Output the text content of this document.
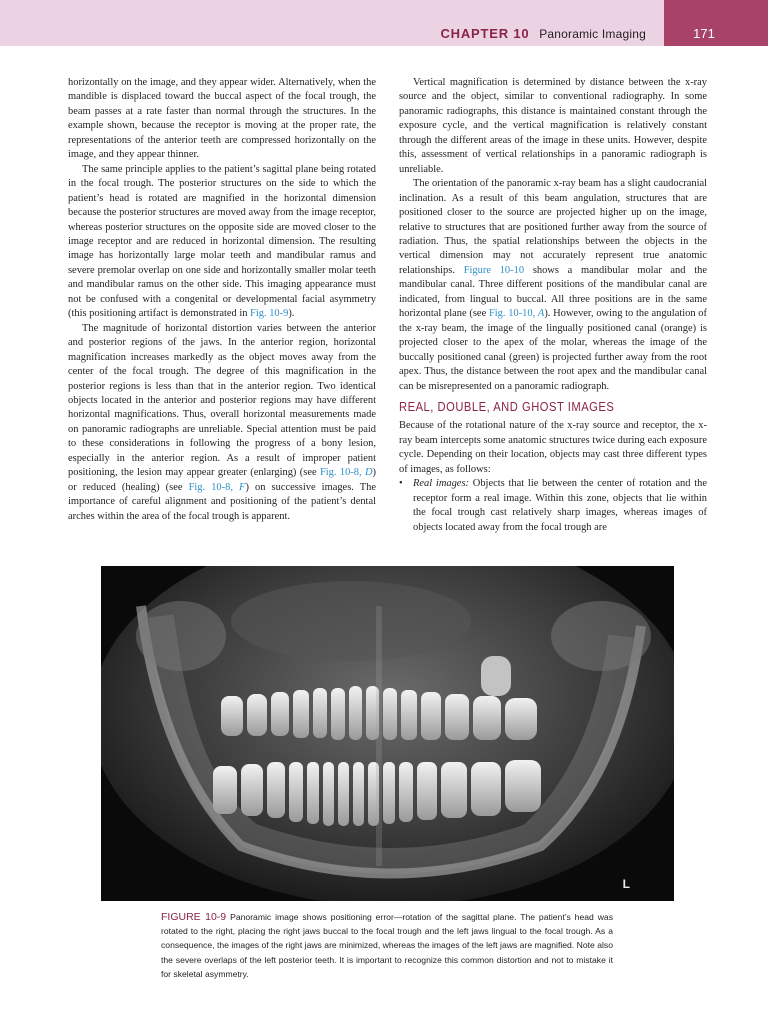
CHAPTER 10 Panoramic Imaging	171

horizontally on the image, and they appear wider. Alternatively, when the mandible is displaced toward the buccal aspect of the focal trough, the beam passes at a rate faster than normal through the structures. In the example shown, because the receptor is moving at the proper rate, the representations of the anterior teeth are compressed horizontally on the image, and they appear thinner.

The same principle applies to the patient’s sagittal plane being rotated in the focal trough. The posterior structures on the side to which the patient’s head is rotated are magnified in the horizontal dimension because the posterior structures are moved away from the image receptor, whereas posterior structures on the opposite side are moved closer to the image receptor and are reduced in horizontal dimension. The resulting image has horizontally large molar teeth and mandibular ramus and severe premolar overlap on one side and horizontally smaller molar teeth and mandibular ramus on the other side. This imaging appearance must not be confused with a congenital or developmental facial asymmetry (this positioning artifact is demonstrated in Fig. 10-9).

The magnitude of horizontal distortion varies between the anterior and posterior regions of the jaws. In the anterior region, horizontal magnification increases markedly as the object moves away from the center of the focal trough. The degree of this magnification in the posterior regions is less than that in the anterior region. Two identical objects located in the anterior and posterior regions may have different horizontal magnifications. Thus, overall horizontal measurements made on panoramic radiographs are unreliable. Special attention must be paid to these considerations in following the progress of a bony lesion, especially in the anterior region. As a result of improper patient positioning, the lesion may appear greater (enlarging) (see Fig. 10-8, D) or reduced (healing) (see Fig. 10-8, F) on successive images. The importance of careful alignment and positioning of the patient’s dental arches within the area of the focal trough is apparent.

Vertical magnification is determined by distance between the x-ray source and the object, similar to conventional radiography. In some panoramic radiographs, this distance is maintained constant through the exposure cycle, and the vertical magnification is relatively constant through the different areas of the image in these units. However, despite this, assessment of vertical relationships in a panoramic radiograph is unreliable.

The orientation of the panoramic x-ray beam has a slight caudocranial inclination. As a result of this beam angulation, structures that are positioned closer to the source are projected higher up on the image, relative to structures that are positioned further away from the source of radiation. Thus, the spatial relationships between the objects in the vertical dimension may not accurately represent true anatomic relationships. Figure 10-10 shows a mandibular molar and the mandibular canal. Three different positions of the mandibular canal are indicated, from lingual to buccal. All three positions are in the same horizontal plane (see Fig. 10-10, A). However, owing to the angulation of the x-ray beam, the image of the lingually positioned canal (orange) is projected closer to the apex of the molar, whereas the image of the buccally positioned canal (green) is projected further away from the root apex. Thus, the distance between the root apex and the mandibular canal can be misrepresented on a panoramic radiograph.

REAL, DOUBLE, AND GHOST IMAGES

Because of the rotational nature of the x-ray source and receptor, the x-ray beam intercepts some anatomic structures twice during each exposure cycle. Depending on their location, objects may cast three different types of images, as follows:

• Real images: Objects that lie between the center of rotation and the receptor form a real image. Within this zone, objects that lie within the focal trough cast relatively sharp images, whereas images of objects located away from the focal trough are

L
FIGURE 10-9 Panoramic image shows positioning error—rotation of the sagittal plane. The patient’s head was rotated to the right, placing the right jaws buccal to the focal trough and the left jaws lingual to the focal trough. As a consequence, the images of the right jaws are minimized, whereas the images of the left jaws are magnified. Note also the severe overlaps of the left posterior teeth. It is important to recognize this common distortion and not to mistake it for skeletal asymmetry.
